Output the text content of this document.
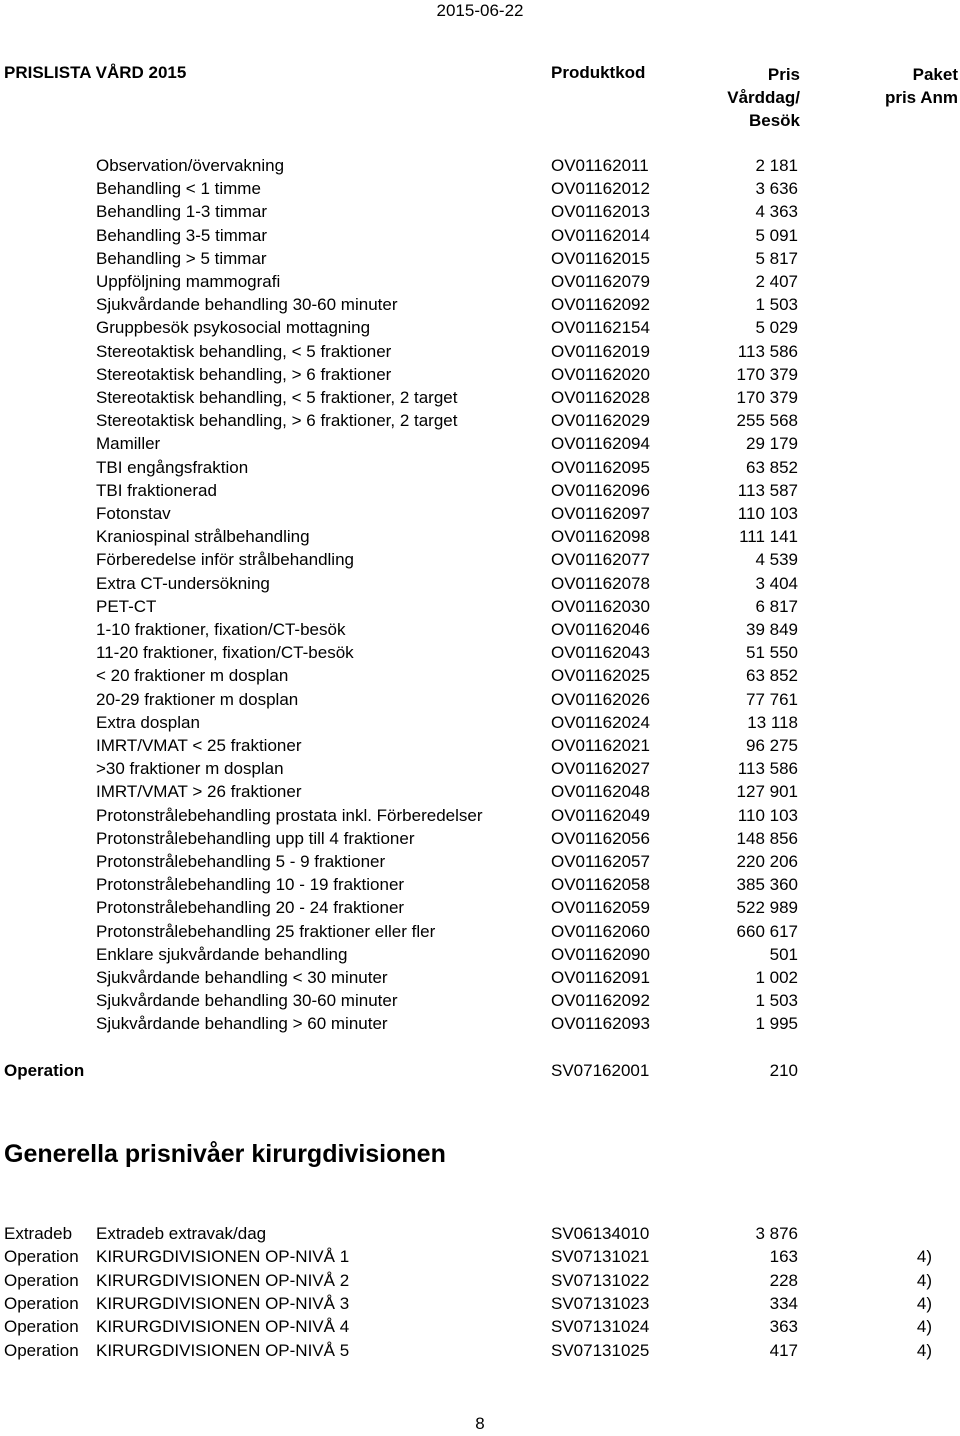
2015-06-22
PRISLISTA VÅRD 2015	Produktkod	Pris
Vårddag/
Besök
Paket
pris Anm
Observation/övervakning	OV01162011	2 181
Behandling < 1 timme	OV01162012	3 636
Behandling 1-3 timmar	OV01162013	4 363
Behandling 3-5 timmar	OV01162014	5 091
Behandling > 5 timmar	OV01162015	5 817
Uppföljning mammografi	OV01162079	2 407
Sjukvårdande behandling 30-60 minuter	OV01162092	1 503
Gruppbesök psykosocial mottagning	OV01162154	5 029
Stereotaktisk behandling, < 5 fraktioner	OV01162019	113 586
Stereotaktisk behandling, > 6 fraktioner	OV01162020	170 379
Stereotaktisk behandling, < 5 fraktioner, 2 target	OV01162028	170 379
Stereotaktisk behandling, > 6 fraktioner, 2 target	OV01162029	255 568
Mamiller	OV01162094	29 179
TBI engångsfraktion	OV01162095	63 852
TBI fraktionerad	OV01162096	113 587
Fotonstav	OV01162097	110 103
Kraniospinal strålbehandling	OV01162098	111 141
Förberedelse inför strålbehandling	OV01162077	4 539
Extra CT-undersökning	OV01162078	3 404
PET-CT	OV01162030	6 817
1-10 fraktioner, fixation/CT-besök	OV01162046	39 849
11-20 fraktioner, fixation/CT-besök	OV01162043	51 550
< 20 fraktioner m dosplan	OV01162025	63 852
20-29 fraktioner m dosplan	OV01162026	77 761
Extra dosplan	OV01162024	13 118
IMRT/VMAT < 25 fraktioner	OV01162021	96 275
>30 fraktioner m dosplan	OV01162027	113 586
IMRT/VMAT > 26 fraktioner	OV01162048	127 901
Protonstrålebehandling prostata inkl. Förberedelser	OV01162049	110 103
Protonstrålebehandling upp till 4 fraktioner	OV01162056	148 856
Protonstrålebehandling 5 - 9 fraktioner	OV01162057	220 206
Protonstrålebehandling 10 - 19 fraktioner	OV01162058	385 360
Protonstrålebehandling 20 - 24 fraktioner	OV01162059	522 989
Protonstrålebehandling 25 fraktioner eller fler	OV01162060	660 617
Enklare sjukvårdande behandling	OV01162090	501
Sjukvårdande behandling < 30 minuter	OV01162091	1 002
Sjukvårdande behandling 30-60 minuter	OV01162092	1 503
Sjukvårdande behandling > 60 minuter	OV01162093	1 995
Operation	SV07162001	210
Generella prisnivåer kirurgdivisionen
Extradeb Extradeb extravak/dag	SV06134010	3 876
Operation KIRURGDIVISIONEN OP-NIVÅ 1	SV07131021	163	4)
Operation KIRURGDIVISIONEN OP-NIVÅ 2	SV07131022	228	4)
Operation KIRURGDIVISIONEN OP-NIVÅ 3	SV07131023	334	4)
Operation KIRURGDIVISIONEN OP-NIVÅ 4	SV07131024	363	4)
Operation KIRURGDIVISIONEN OP-NIVÅ 5	SV07131025	417	4)
8
